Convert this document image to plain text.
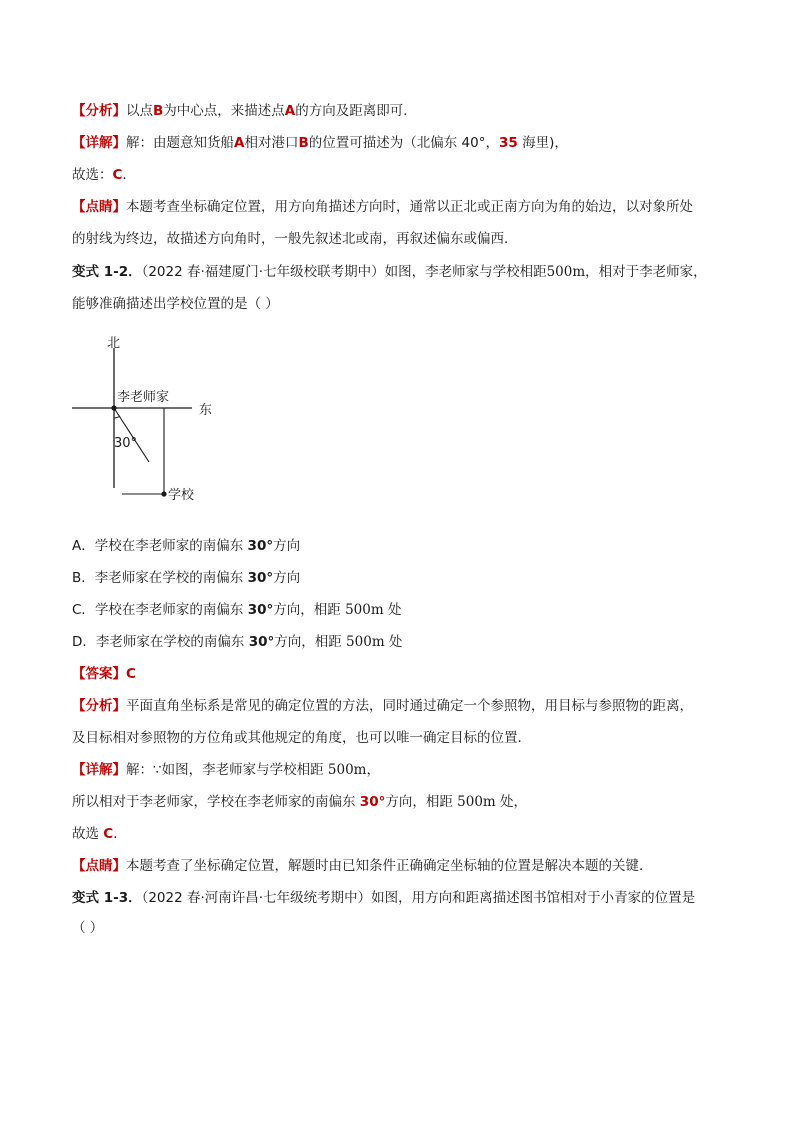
【分析】以点B为中心点，来描述点A的方向及距离即可．
【详解】解：由题意知货船A相对港口B的位置可描述为（北偏东 40°，35 海里)，
故选：C．
【点睛】本题考查坐标确定位置，用方向角描述方向时，通常以正北或正南方向为角的始边，以对象所处
的射线为终边，故描述方向角时，一般先叙述北或南，再叙述偏东或偏西．
变式 1-2．（2022 春·福建厦门·七年级校联考期中）如图，李老师家与学校相距500m，相对于李老师家，
能够准确描述出学校位置的是（ ）
北
东
李老师家
30°
学校
A．学校在李老师家的南偏东 30°方向
B．李老师家在学校的南偏东 30°方向
C．学校在李老师家的南偏东 30°方向，相距 500m 处
D．李老师家在学校的南偏东 30°方向，相距 500m 处
【答案】C
【分析】平面直角坐标系是常见的确定位置的方法，同时通过确定一个参照物，用目标与参照物的距离，
及目标相对参照物的方位角或其他规定的角度，也可以唯一确定目标的位置．
【详解】解：∵如图，李老师家与学校相距 500m，
所以相对于李老师家，学校在李老师家的南偏东 30°方向，相距 500m 处，
故选 C．
【点睛】本题考查了坐标确定位置，解题时由已知条件正确确定坐标轴的位置是解决本题的关键．
变式 1-3．（2022 春·河南许昌·七年级统考期中）如图，用方向和距离描述图书馆相对于小青家的位置是
（ ）
